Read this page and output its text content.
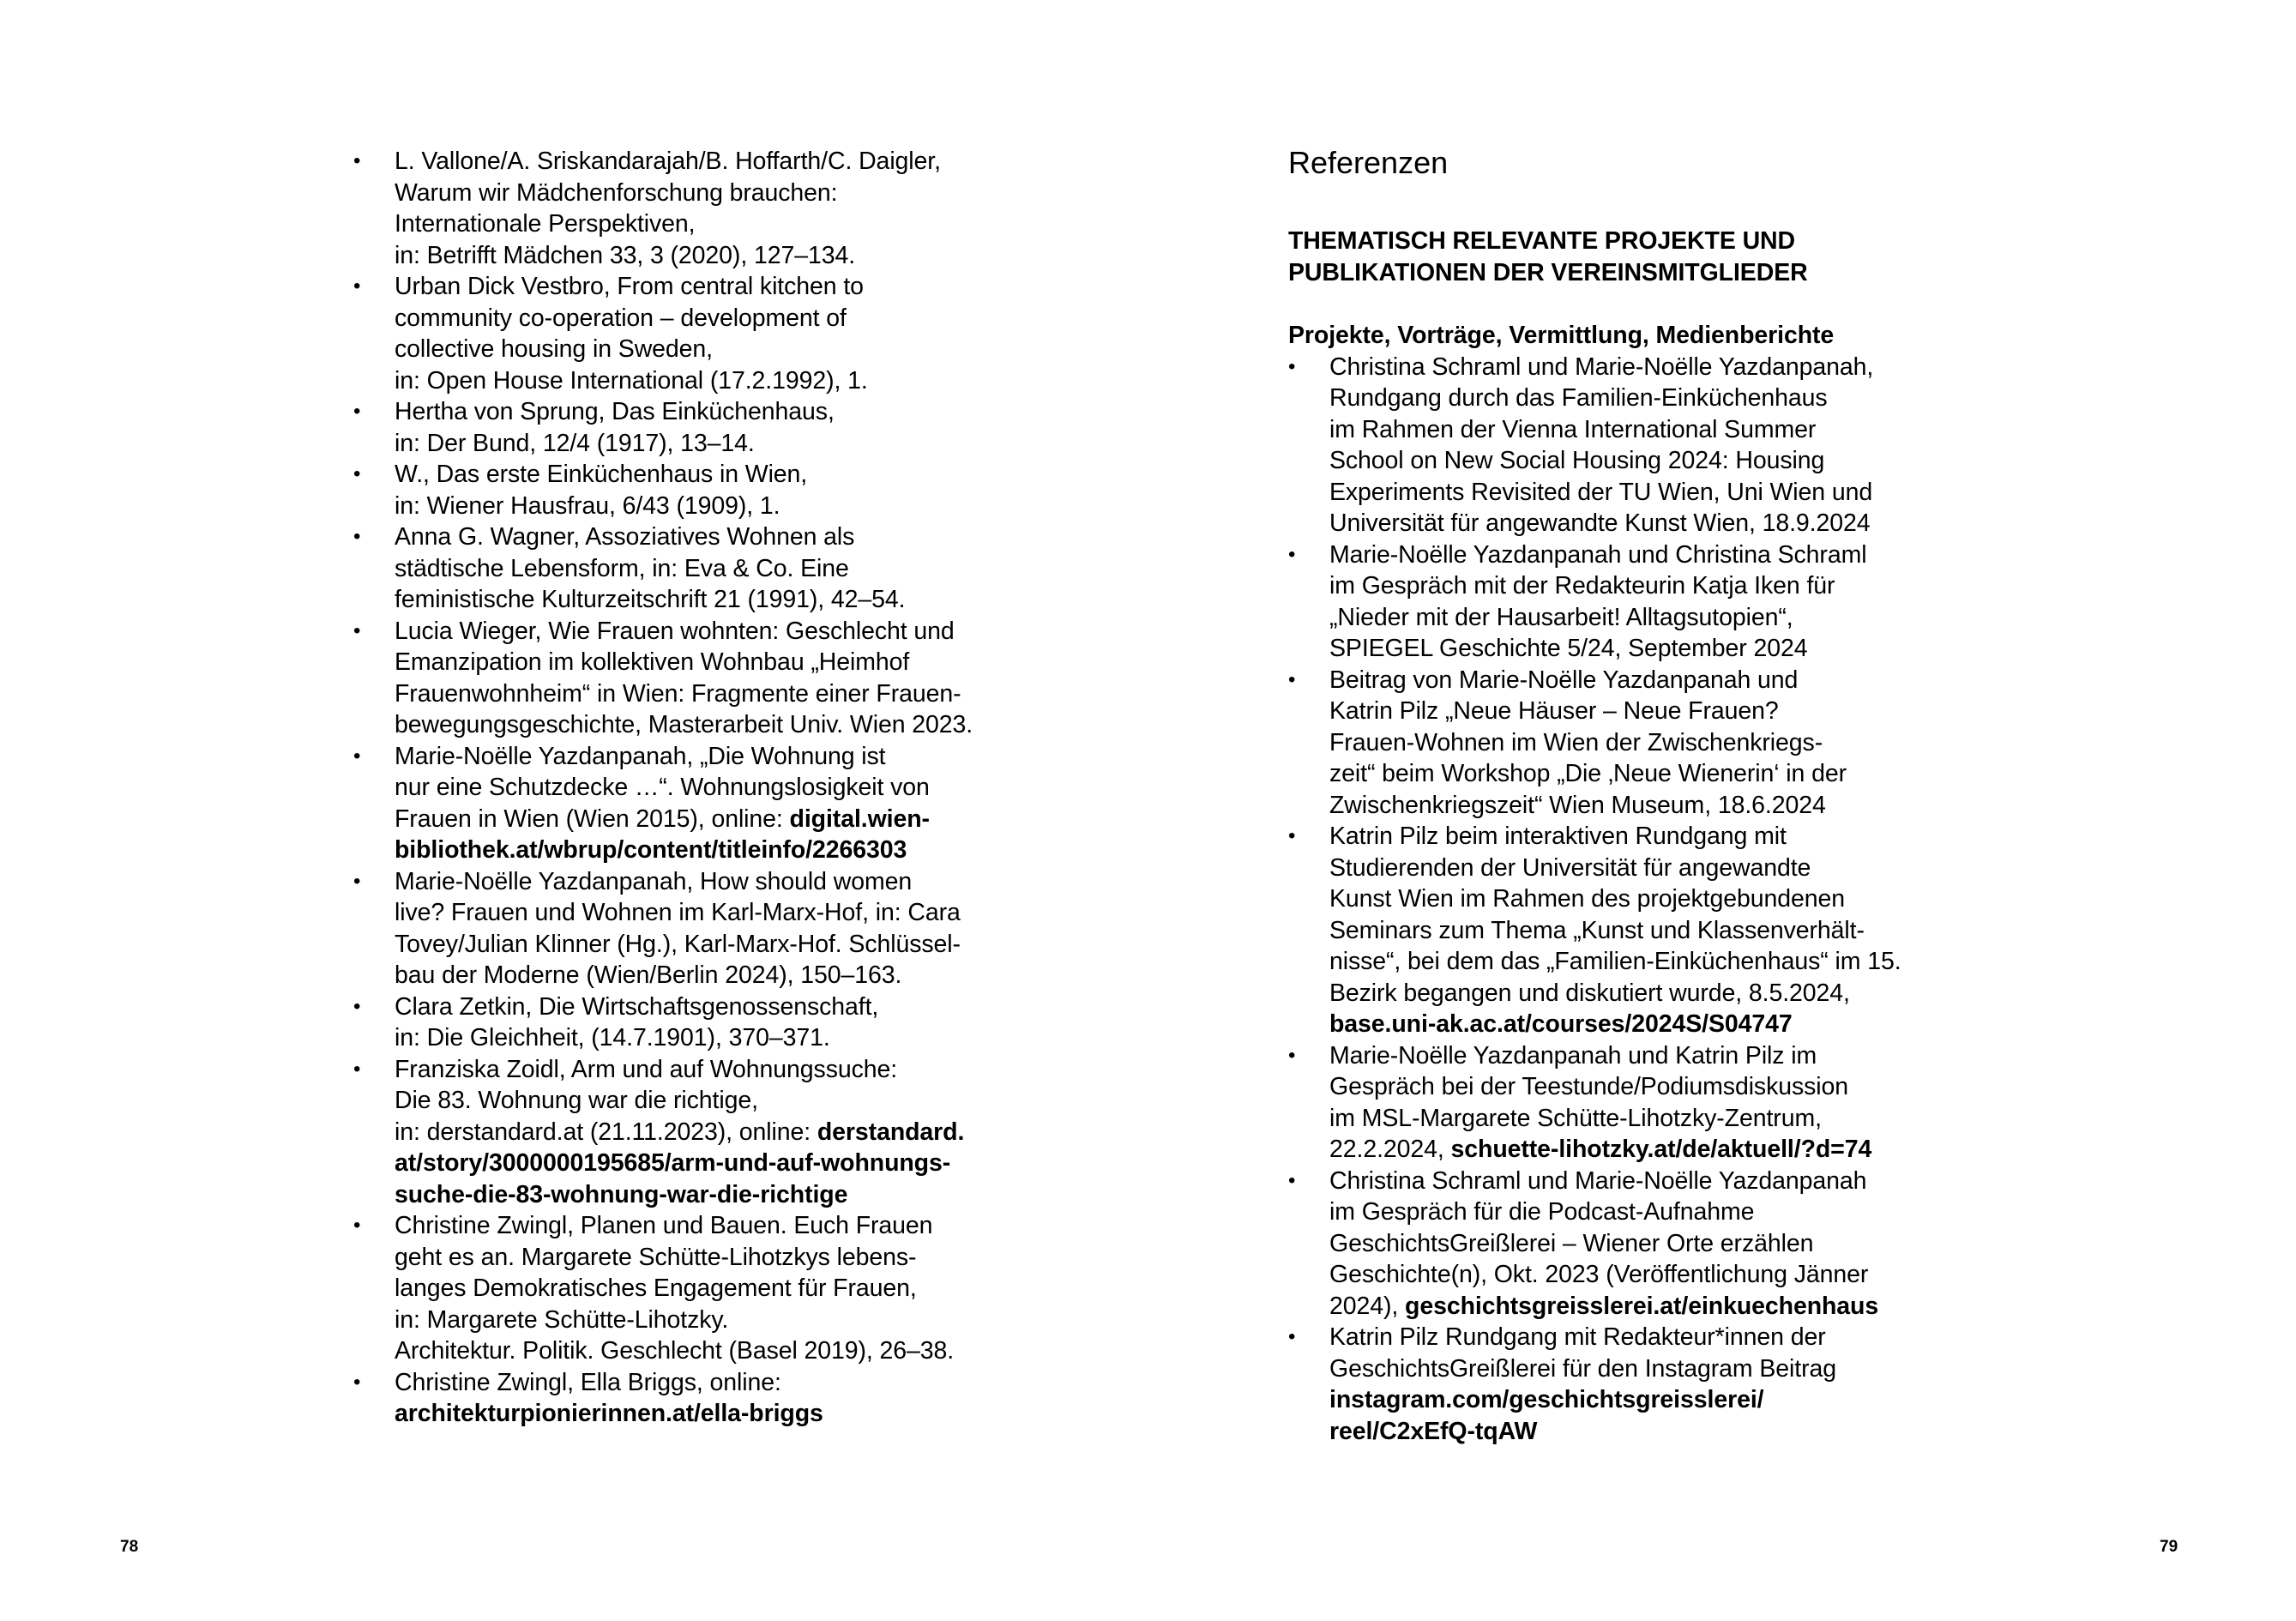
•	L. Vallone/A. Sriskandarajah/B. Hoffarth/C. Daigler,
Warum wir Mädchenforschung brauchen:
Internationale Perspektiven,
in: Betrifft Mädchen 33, 3 (2020), 127–134.
•	Urban Dick Vestbro, From central kitchen to
community co-operation – development of
collective housing in Sweden,
in: Open House International (17.2.1992), 1.
•	Hertha von Sprung, Das Einküchenhaus,
in: Der Bund, 12/4 (1917), 13–14.
•	W., Das erste Einküchenhaus in Wien,
in: Wiener Hausfrau, 6/43 (1909), 1.
•	Anna G. Wagner, Assoziatives Wohnen als
städtische Lebensform, in: Eva & Co. Eine
feministische Kulturzeitschrift 21 (1991), 42–54.
•	Lucia Wieger, Wie Frauen wohnten: Geschlecht und
Emanzipation im kollektiven Wohnbau „Heimhof
Frauenwohnheim“ in Wien: Fragmente einer Frauen-
bewegungsgeschichte, Masterarbeit Univ. Wien 2023.
•	Marie-Noëlle Yazdanpanah, „Die Wohnung ist
nur eine Schutzdecke …“. Wohnungslosigkeit von
Frauen in Wien (Wien 2015), online: digital.wien-
bibliothek.at/wbrup/content/titleinfo/2266303
•	Marie-Noëlle Yazdanpanah, How should women
live? Frauen und Wohnen im Karl-Marx-Hof, in: Cara
Tovey/Julian Klinner (Hg.), Karl-Marx-Hof. Schlüssel-
bau der Moderne (Wien/Berlin 2024), 150–163.
•	Clara Zetkin, Die Wirtschaftsgenossenschaft,
in: Die Gleichheit, (14.7.1901), 370–371.
•	Franziska Zoidl, Arm und auf Wohnungssuche:
Die 83. Wohnung war die richtige,
in: derstandard.at (21.11.2023), online: derstandard.
at/story/3000000195685/arm-und-auf-wohnungs-
suche-die-83-wohnung-war-die-richtige
•	Christine Zwingl, Planen und Bauen. Euch Frauen
geht es an. Margarete Schütte-Lihotzkys lebens-
langes Demokratisches Engagement für Frauen,
in: Margarete Schütte-Lihotzky.
Architektur. Politik. Geschlecht (Basel 2019), 26–38.
•	Christine Zwingl, Ella Briggs, online:
architekturpionierinnen.at/ella-briggs
78
Referenzen
THEMATISCH RELEVANTE PROJEKTE UND
PUBLIKATIONEN DER VEREINSMITGLIEDER
Projekte, Vorträge, Vermittlung, Medienberichte
•	Christina Schraml und Marie-Noëlle Yazdanpanah,
Rundgang durch das Familien-Einküchenhaus
im Rahmen der Vienna International Summer
School on New Social Housing 2024: Housing
Experiments Revisited der TU Wien, Uni Wien und
Universität für angewandte Kunst Wien, 18.9.2024
•	Marie-Noëlle Yazdanpanah und Christina Schraml
im Gespräch mit der Redakteurin Katja Iken für
„Nieder mit der Hausarbeit! Alltagsutopien“,
SPIEGEL Geschichte 5/24, September 2024
•	Beitrag von Marie-Noëlle Yazdanpanah und
Katrin Pilz „Neue Häuser – Neue Frauen?
Frauen-Wohnen im Wien der Zwischenkriegs-
zeit“ beim Workshop „Die ‚Neue Wienerin‘ in der
Zwischenkriegszeit“ Wien Museum, 18.6.2024
•	Katrin Pilz beim interaktiven Rundgang mit
Studierenden der Universität für angewandte
Kunst Wien im Rahmen des projektgebundenen
Seminars zum Thema „Kunst und Klassenverhält-
nisse“, bei dem das „Familien-Einküchenhaus“ im 15.
Bezirk begangen und diskutiert wurde, 8.5.2024,
base.uni-ak.ac.at/courses/2024S/S04747
•	Marie-Noëlle Yazdanpanah und Katrin Pilz im
Gespräch bei der Teestunde/Podiumsdiskussion
im MSL-Margarete Schütte-Lihotzky-Zentrum,
22.2.2024, schuette-lihotzky.at/de/aktuell/?d=74
•	Christina Schraml und Marie-Noëlle Yazdanpanah
im Gespräch für die Podcast-Aufnahme
GeschichtsGreißlerei – Wiener Orte erzählen
Geschichte(n), Okt. 2023 (Veröffentlichung Jänner
2024), geschichtsgreisslerei.at/einkuechenhaus
•	Katrin Pilz Rundgang mit Redakteur*innen der
GeschichtsGreißlerei für den Instagram Beitrag
instagram.com/geschichtsgreisslerei/
reel/C2xEfQ-tqAW
79
